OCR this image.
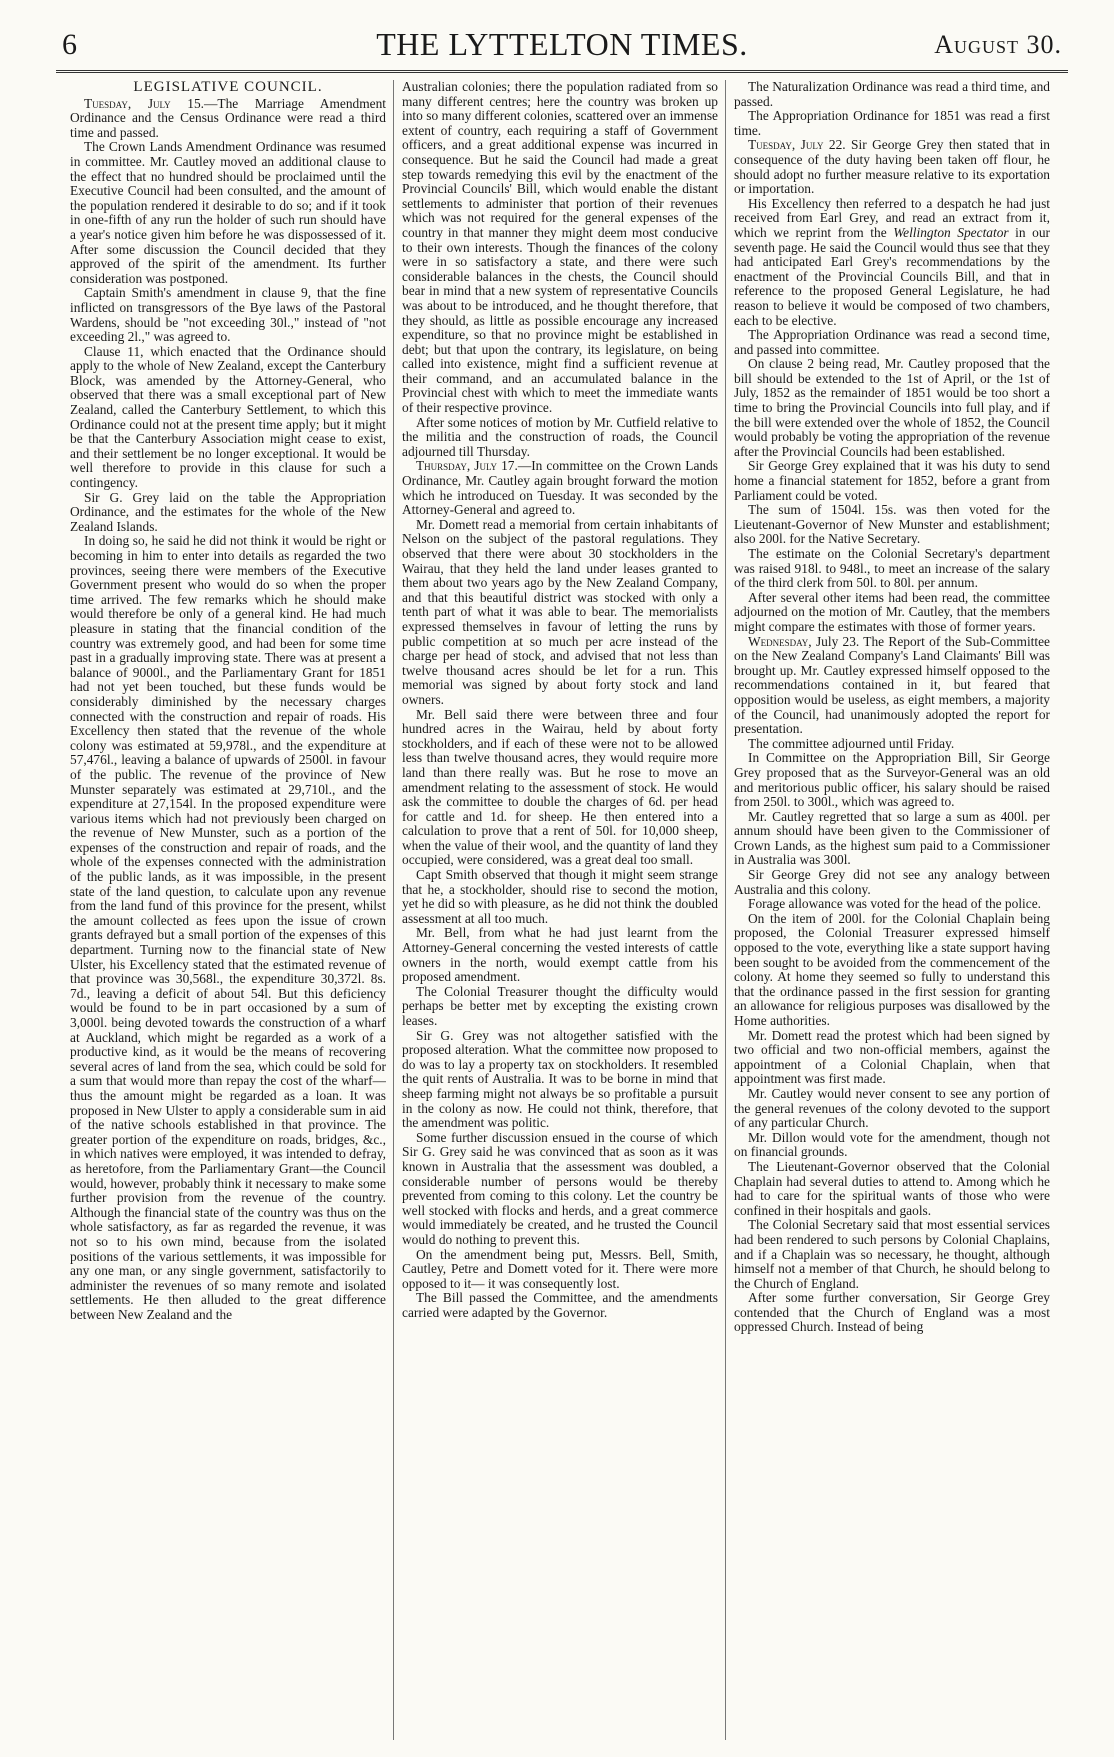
6	THE LYTTELTON TIMES.	August 30.
LEGISLATIVE COUNCIL.

Tuesday, July 15.—The Marriage Amendment Ordinance and the Census Ordinance were read a third time and passed.

The Crown Lands Amendment Ordinance was resumed in committee. Mr. Cautley moved an additional clause to the effect that no hundred should be proclaimed until the Executive Council had been consulted, and the amount of the population rendered it desirable to do so; and if it took in one-fifth of any run the holder of such run should have a year's notice given him before he was dispossessed of it. After some discussion the Council decided that they approved of the spirit of the amendment. Its further consideration was postponed.

Captain Smith's amendment in clause 9, that the fine inflicted on transgressors of the Bye laws of the Pastoral Wardens, should be "not exceeding 30l.," instead of "not exceeding 2l.," was agreed to.

Clause 11, which enacted that the Ordinance should apply to the whole of New Zealand, except the Canterbury Block, was amended by the Attorney-General, who observed that there was a small exceptional part of New Zealand, called the Canterbury Settlement, to which this Ordinance could not at the present time apply; but it might be that the Canterbury Association might cease to exist, and their settlement be no longer exceptional. It would be well therefore to provide in this clause for such a contingency.

Sir G. Grey laid on the table the Appropriation Ordinance, and the estimates for the whole of the New Zealand Islands.

In doing so, he said he did not think it would be right or becoming in him to enter into details as regarded the two provinces, seeing there were members of the Executive Government present who would do so when the proper time arrived. The few remarks which he should make would therefore be only of a general kind. He had much pleasure in stating that the financial condition of the country was extremely good, and had been for some time past in a gradually improving state. There was at present a balance of 9000l., and the Parliamentary Grant for 1851 had not yet been touched, but these funds would be considerably diminished by the necessary charges connected with the construction and repair of roads. His Excellency then stated that the revenue of the whole colony was estimated at 59,978l., and the expenditure at 57,476l., leaving a balance of upwards of 2500l. in favour of the public. The revenue of the province of New Munster separately was estimated at 29,710l., and the expenditure at 27,154l. In the proposed expenditure were various items which had not previously been charged on the revenue of New Munster, such as a portion of the expenses of the construction and repair of roads, and the whole of the expenses connected with the administration of the public lands, as it was impossible, in the present state of the land question, to calculate upon any revenue from the land fund of this province for the present, whilst the amount collected as fees upon the issue of crown grants defrayed but a small portion of the expenses of this department. Turning now to the financial state of New Ulster, his Excellency stated that the estimated revenue of that province was 30,568l., the expenditure 30,372l. 8s. 7d., leaving a deficit of about 54l. But this deficiency would be found to be in part occasioned by a sum of 3,000l. being devoted towards the construction of a wharf at Auckland, which might be regarded as a work of a productive kind, as it would be the means of recovering several acres of land from the sea, which could be sold for a sum that would more than repay the cost of the wharf—thus the amount might be regarded as a loan. It was proposed in New Ulster to apply a considerable sum in aid of the native schools established in that province. The greater portion of the expenditure on roads, bridges, &c., in which natives were employed, it was intended to defray, as heretofore, from the Parliamentary Grant—the Council would, however, probably think it necessary to make some further provision from the revenue of the country. Although the financial state of the country was thus on the whole satisfactory, as far as regarded the revenue, it was not so to his own mind, because from the isolated positions of the various settlements, it was impossible for any one man, or any single government, satisfactorily to administer the revenues of so many remote and isolated settlements. He then alluded to the great difference between New Zealand and the

Australian colonies; there the population radiated from so many different centres; here the country was broken up into so many different colonies, scattered over an immense extent of country, each requiring a staff of Government officers, and a great additional expense was incurred in consequence. But he said the Council had made a great step towards remedying this evil by the enactment of the Provincial Councils' Bill, which would enable the distant settlements to administer that portion of their revenues which was not required for the general expenses of the country in that manner they might deem most conducive to their own interests. Though the finances of the colony were in so satisfactory a state, and there were such considerable balances in the chests, the Council should bear in mind that a new system of representative Councils was about to be introduced, and he thought therefore, that they should, as little as possible encourage any increased expenditure, so that no province might be established in debt; but that upon the contrary, its legislature, on being called into existence, might find a sufficient revenue at their command, and an accumulated balance in the Provincial chest with which to meet the immediate wants of their respective province.

After some notices of motion by Mr. Cutfield relative to the militia and the construction of roads, the Council adjourned till Thursday.

Thursday, July 17.—In committee on the Crown Lands Ordinance, Mr. Cautley again brought forward the motion which he introduced on Tuesday. It was seconded by the Attorney-General and agreed to.

Mr. Domett read a memorial from certain inhabitants of Nelson on the subject of the pastoral regulations. They observed that there were about 30 stockholders in the Wairau, that they held the land under leases granted to them about two years ago by the New Zealand Company, and that this beautiful district was stocked with only a tenth part of what it was able to bear. The memorialists expressed themselves in favour of letting the runs by public competition at so much per acre instead of the charge per head of stock, and advised that not less than twelve thousand acres should be let for a run. This memorial was signed by about forty stock and land owners.

Mr. Bell said there were between three and four hundred acres in the Wairau, held by about forty stockholders, and if each of these were not to be allowed less than twelve thousand acres, they would require more land than there really was. But he rose to move an amendment relating to the assessment of stock. He would ask the committee to double the charges of 6d. per head for cattle and 1d. for sheep. He then entered into a calculation to prove that a rent of 50l. for 10,000 sheep, when the value of their wool, and the quantity of land they occupied, were considered, was a great deal too small.

Capt Smith observed that though it might seem strange that he, a stockholder, should rise to second the motion, yet he did so with pleasure, as he did not think the doubled assessment at all too much.

Mr. Bell, from what he had just learnt from the Attorney-General concerning the vested interests of cattle owners in the north, would exempt cattle from his proposed amendment.

The Colonial Treasurer thought the difficulty would perhaps be better met by excepting the existing crown leases.

Sir G. Grey was not altogether satisfied with the proposed alteration. What the committee now proposed to do was to lay a property tax on stockholders. It resembled the quit rents of Australia. It was to be borne in mind that sheep farming might not always be so profitable a pursuit in the colony as now. He could not think, therefore, that the amendment was politic.

Some further discussion ensued in the course of which Sir G. Grey said he was convinced that as soon as it was known in Australia that the assessment was doubled, a considerable number of persons would be thereby prevented from coming to this colony. Let the country be well stocked with flocks and herds, and a great commerce would immediately be created, and he trusted the Council would do nothing to prevent this.

On the amendment being put, Messrs. Bell, Smith, Cautley, Petre and Domett voted for it. There were more opposed to it— it was consequently lost.

The Bill passed the Committee, and the amendments carried were adapted by the Governor.

The Naturalization Ordinance was read a third time, and passed.

The Appropriation Ordinance for 1851 was read a first time.

Tuesday, July 22. Sir George Grey then stated that in consequence of the duty having been taken off flour, he should adopt no further measure relative to its exportation or importation.

His Excellency then referred to a despatch he had just received from Earl Grey, and read an extract from it, which we reprint from the Wellington Spectator in our seventh page. He said the Council would thus see that they had anticipated Earl Grey's recommendations by the enactment of the Provincial Councils Bill, and that in reference to the proposed General Legislature, he had reason to believe it would be composed of two chambers, each to be elective.

The Appropriation Ordinance was read a second time, and passed into committee.

On clause 2 being read, Mr. Cautley proposed that the bill should be extended to the 1st of April, or the 1st of July, 1852 as the remainder of 1851 would be too short a time to bring the Provincial Councils into full play, and if the bill were extended over the whole of 1852, the Council would probably be voting the appropriation of the revenue after the Provincial Councils had been established.

Sir George Grey explained that it was his duty to send home a financial statement for 1852, before a grant from Parliament could be voted.

The sum of 1504l. 15s. was then voted for the Lieutenant-Governor of New Munster and establishment; also 200l. for the Native Secretary.

The estimate on the Colonial Secretary's department was raised 918l. to 948l., to meet an increase of the salary of the third clerk from 50l. to 80l. per annum.

After several other items had been read, the committee adjourned on the motion of Mr. Cautley, that the members might compare the estimates with those of former years.

Wednesday, July 23. The Report of the Sub-Committee on the New Zealand Company's Land Claimants' Bill was brought up. Mr. Cautley expressed himself opposed to the recommendations contained in it, but feared that opposition would be useless, as eight members, a majority of the Council, had unanimously adopted the report for presentation.

The committee adjourned until Friday.

In Committee on the Appropriation Bill, Sir George Grey proposed that as the Surveyor-General was an old and meritorious public officer, his salary should be raised from 250l. to 300l., which was agreed to.

Mr. Cautley regretted that so large a sum as 400l. per annum should have been given to the Commissioner of Crown Lands, as the highest sum paid to a Commissioner in Australia was 300l.

Sir George Grey did not see any analogy between Australia and this colony.

Forage allowance was voted for the head of the police.

On the item of 200l. for the Colonial Chaplain being proposed, the Colonial Treasurer expressed himself opposed to the vote, everything like a state support having been sought to be avoided from the commencement of the colony. At home they seemed so fully to understand this that the ordinance passed in the first session for granting an allowance for religious purposes was disallowed by the Home authorities.

Mr. Domett read the protest which had been signed by two official and two non-official members, against the appointment of a Colonial Chaplain, when that appointment was first made.

Mr. Cautley would never consent to see any portion of the general revenues of the colony devoted to the support of any particular Church.

Mr. Dillon would vote for the amendment, though not on financial grounds.

The Lieutenant-Governor observed that the Colonial Chaplain had several duties to attend to. Among which he had to care for the spiritual wants of those who were confined in their hospitals and gaols.

The Colonial Secretary said that most essential services had been rendered to such persons by Colonial Chaplains, and if a Chaplain was so necessary, he thought, although himself not a member of that Church, he should belong to the Church of England.

After some further conversation, Sir George Grey contended that the Church of England was a most oppressed Church. Instead of being
